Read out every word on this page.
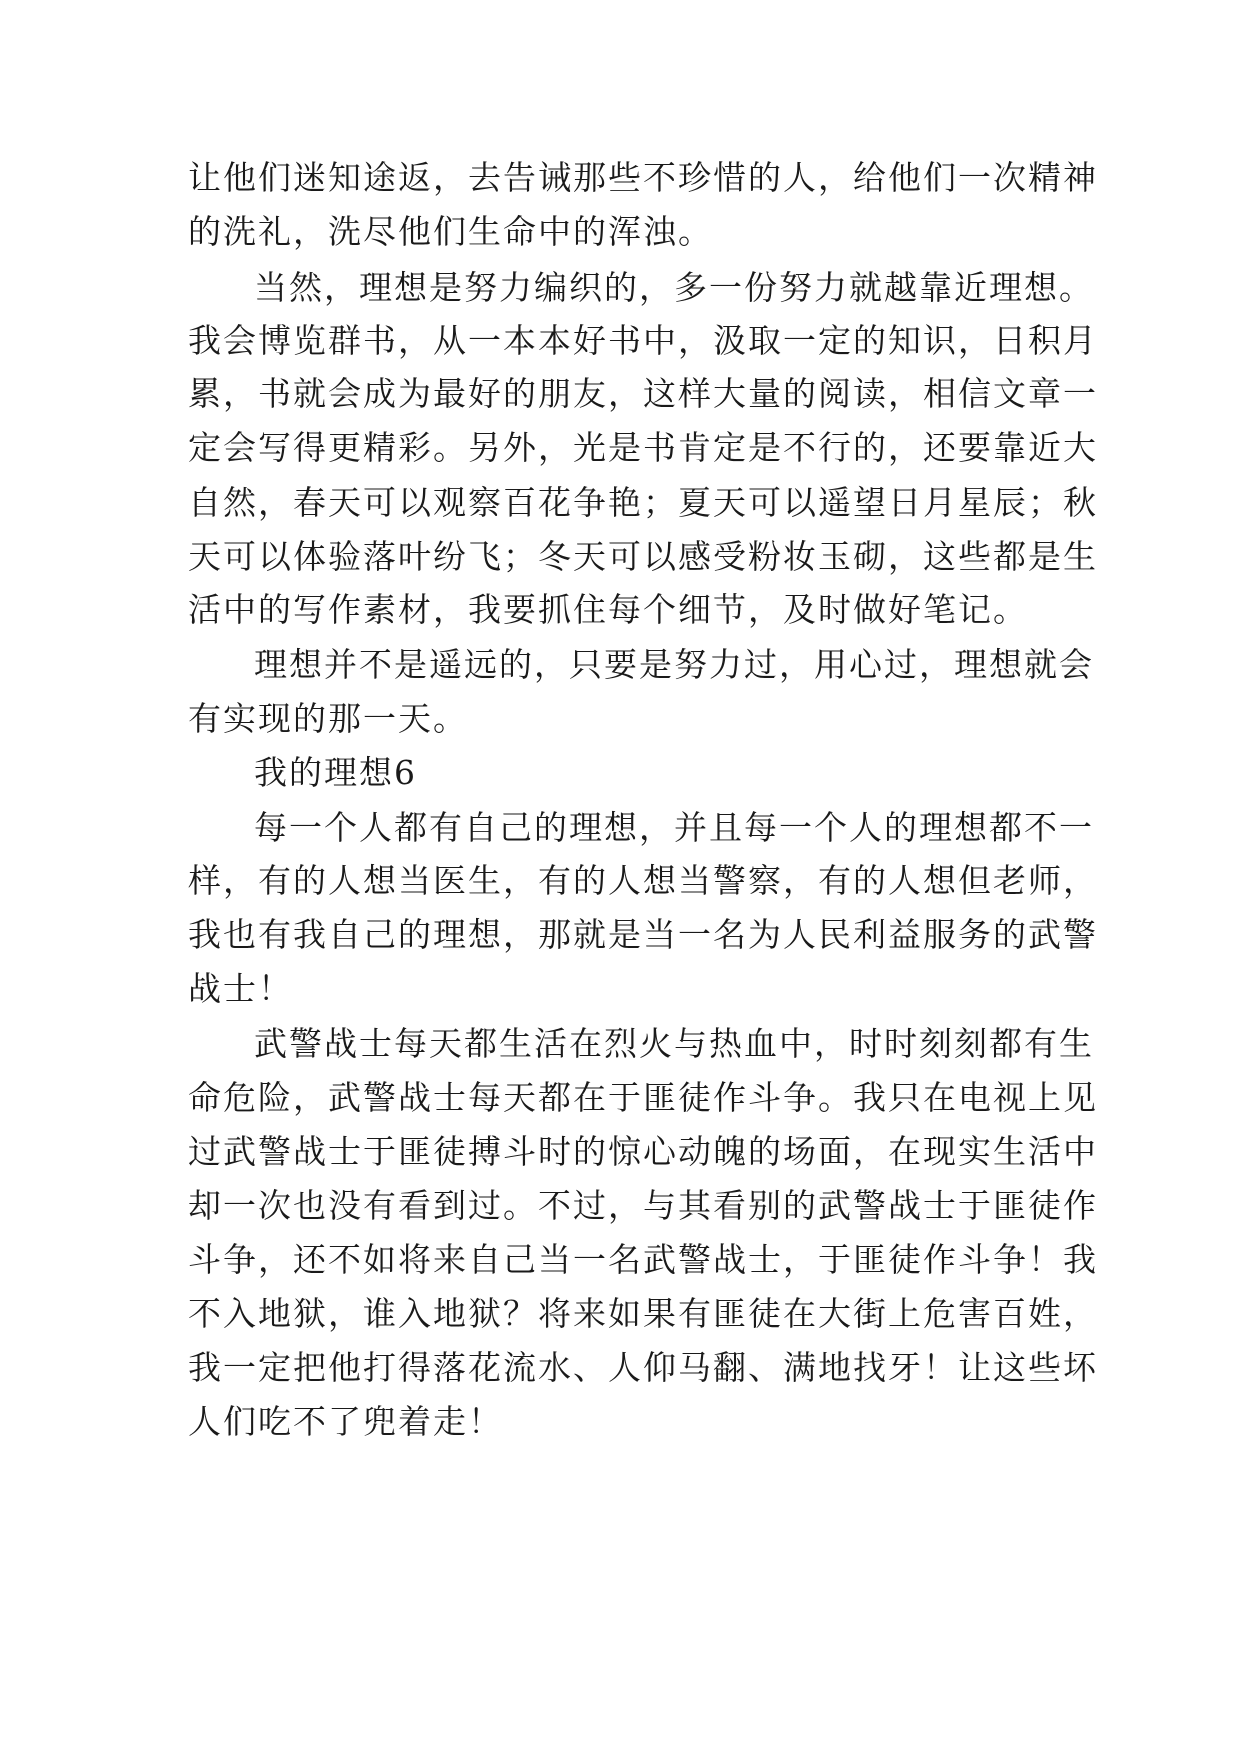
让他们迷知途返，去告诫那些不珍惜的人，给他们一次精神
的洗礼，洗尽他们生命中的浑浊。
当然，理想是努力编织的，多一份努力就越靠近理想。
我会博览群书，从一本本好书中，汲取一定的知识，日积月
累，书就会成为最好的朋友，这样大量的阅读，相信文章一
定会写得更精彩。另外，光是书肯定是不行的，还要靠近大
自然，春天可以观察百花争艳；夏天可以遥望日月星辰；秋
天可以体验落叶纷飞；冬天可以感受粉妆玉砌，这些都是生
活中的写作素材，我要抓住每个细节，及时做好笔记。
理想并不是遥远的，只要是努力过，用心过，理想就会
有实现的那一天。
我的理想6
每一个人都有自己的理想，并且每一个人的理想都不一
样，有的人想当医生，有的人想当警察，有的人想但老师，
我也有我自己的理想，那就是当一名为人民利益服务的武警
战士！
武警战士每天都生活在烈火与热血中，时时刻刻都有生
命危险，武警战士每天都在于匪徒作斗争。我只在电视上见
过武警战士于匪徒搏斗时的惊心动魄的场面，在现实生活中
却一次也没有看到过。不过，与其看别的武警战士于匪徒作
斗争，还不如将来自己当一名武警战士，于匪徒作斗争！我
不入地狱，谁入地狱？将来如果有匪徒在大街上危害百姓，
我一定把他打得落花流水、人仰马翻、满地找牙！让这些坏
人们吃不了兜着走！
